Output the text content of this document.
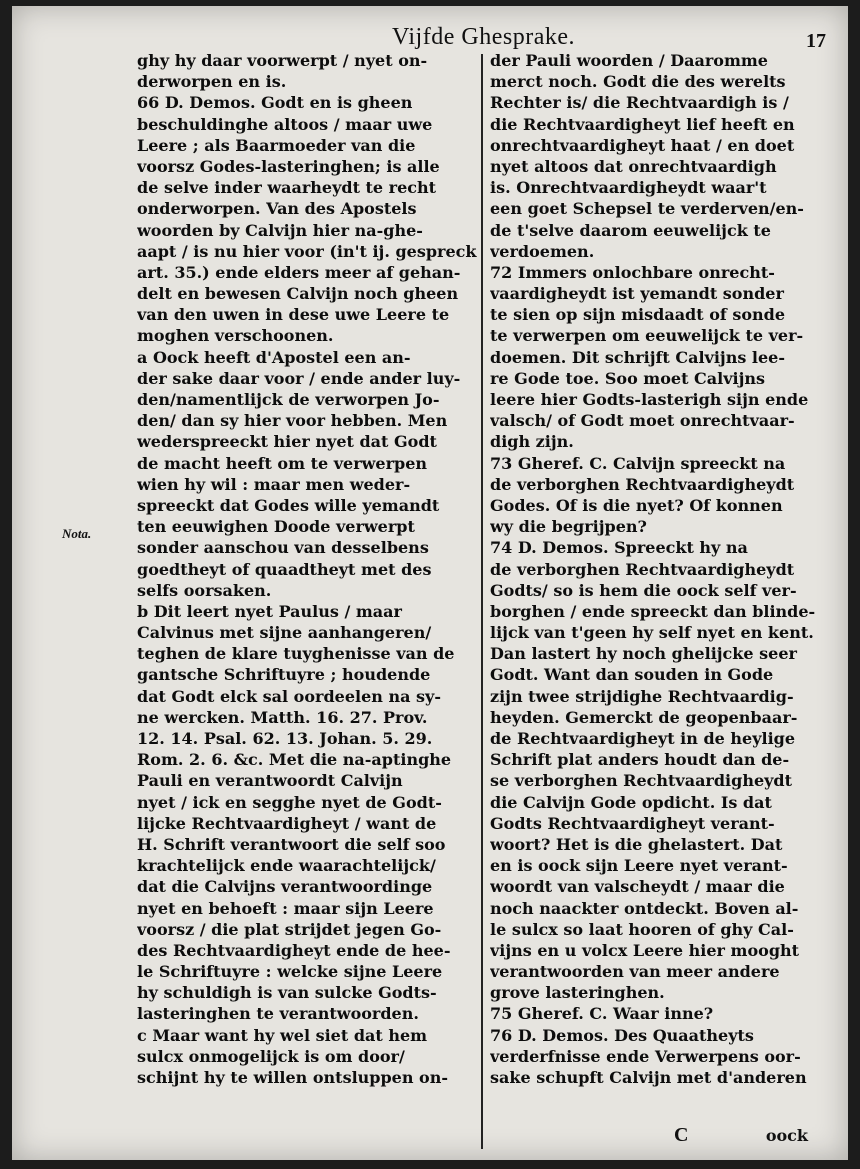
Vijfde Ghesprake.	17
Nota.
ghy hy daar voorwerpt / nyet on-
derworpen en is.
66 D. Demos. Godt en is gheen
beschuldinghe altoos / maar uwe
Leere ; als Baarmoeder van die
voorsz Godes-lasteringhen; is alle
de selve inder waarheydt te recht
onderworpen. Van des Apostels
woorden by Calvijn hier na-ghe-
aapt / is nu hier voor (in't ij. gespreck
art. 35.) ende elders meer af gehan-
delt en bewesen Calvijn noch gheen
van den uwen in dese uwe Leere te
moghen verschoonen.
a Oock heeft d'Apostel een an-
der sake daar voor / ende ander luy-
den/namentlijck de verworpen Jo-
den/ dan sy hier voor hebben. Men
wederspreeckt hier nyet dat Godt
de macht heeft om te verwerpen
wien hy wil : maar men weder-
spreeckt dat Godes wille yemandt
ten eeuwighen Doode verwerpt
sonder aanschou van desselbens
goedtheyt of quaadtheyt met des
selfs oorsaken.
b Dit leert nyet Paulus / maar
Calvinus met sijne aanhangeren/
teghen de klare tuyghenisse van de
gantsche Schriftuyre ; houdende
dat Godt elck sal oordeelen na sy-
ne wercken. Matth. 16. 27. Prov.
12. 14. Psal. 62. 13. Johan. 5. 29.
Rom. 2. 6. &c. Met die na-aptinghe
Pauli en verantwoordt Calvijn
nyet / ick en segghe nyet de Godt-
lijcke Rechtvaardigheyt / want de
H. Schrift verantwoort die self soo
krachtelijck ende waarachtelijck/
dat die Calvijns verantwoordinge
nyet en behoeft : maar sijn Leere
voorsz / die plat strijdet jegen Go-
des Rechtvaardigheyt ende de hee-
le Schriftuyre : welcke sijne Leere
hy schuldigh is van sulcke Godts-
lasteringhen te verantwoorden.
c Maar want hy wel siet dat hem
sulcx onmogelijck is om door/
schijnt hy te willen ontsluppen on-
der Pauli woorden / Daaromme
merct noch. Godt die des werelts
Rechter is/ die Rechtvaardigh is /
die Rechtvaardigheyt lief heeft en
onrechtvaardigheyt haat / en doet
nyet altoos dat onrechtvaardigh
is. Onrechtvaardigheydt waar't
een goet Schepsel te verderven/en-
de t'selve daarom eeuwelijck te
verdoemen.
72 Immers onlochbare onrecht-
vaardigheydt ist yemandt sonder
te sien op sijn misdaadt of sonde
te verwerpen om eeuwelijck te ver-
doemen. Dit schrijft Calvijns lee-
re Gode toe. Soo moet Calvijns
leere hier Godts-lasterigh sijn ende
valsch/ of Godt moet onrechtvaar-
digh zijn.
73 Gheref. C. Calvijn spreeckt na
de verborghen Rechtvaardigheydt
Godes. Of is die nyet? Of konnen
wy die begrijpen?
74 D. Demos. Spreeckt hy na
de verborghen Rechtvaardigheydt
Godts/ so is hem die oock self ver-
borghen / ende spreeckt dan blinde-
lijck van t'geen hy self nyet en kent.
Dan lastert hy noch ghelijcke seer
Godt. Want dan souden in Gode
zijn twee strijdighe Rechtvaardig-
heyden. Gemerckt de geopenbaar-
de Rechtvaardigheyt in de heylige
Schrift plat anders houdt dan de-
se verborghen Rechtvaardigheydt
die Calvijn Gode opdicht. Is dat
Godts Rechtvaardigheyt verant-
woort? Het is die ghelastert. Dat
en is oock sijn Leere nyet verant-
woordt van valscheydt / maar die
noch naackter ontdeckt. Boven al-
le sulcx so laat hooren of ghy Cal-
vijns en u volcx Leere hier mooght
verantwoorden van meer andere
grove lasteringhen.
75 Gheref. C. Waar inne?
76 D. Demos. Des Quaatheyts
verderfnisse ende Verwerpens oor-
sake schupft Calvijn met d'anderen
C	oock
